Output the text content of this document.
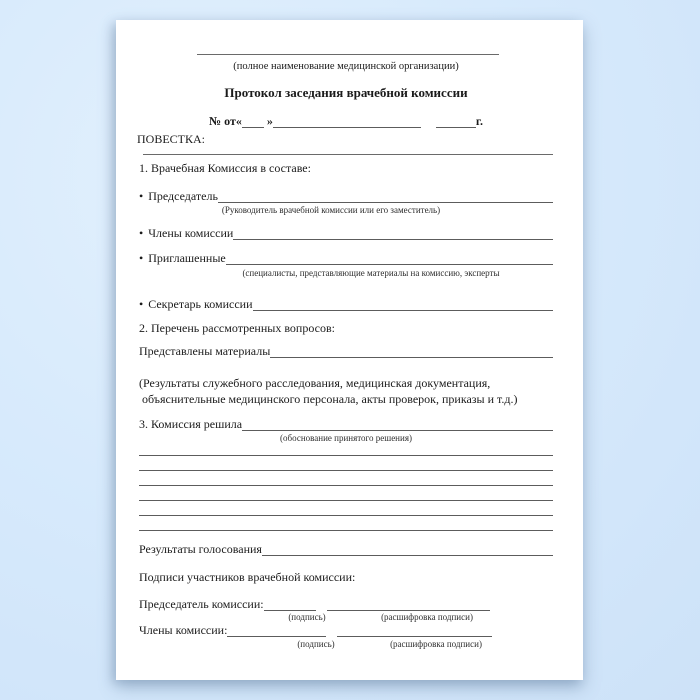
(полное наименование медицинской организации)
Протокол заседания врачебной комиссии
№ от« »	г.
ПОВЕСТКА:
1. Врачебная Комиссия в составе:
• Председатель
(Руководитель врачебной комиссии или его заместитель)
• Члены комиссии
• Приглашенные
(специалисты, представляющие материалы на комиссию, эксперты
• Секретарь комиссии
2. Перечень рассмотренных вопросов:
Представлены материалы
(Результаты служебного расследования, медицинская документация,
объяснительные медицинского персонала, акты проверок, приказы и т.д.)
3. Комиссия решила
(обоснование принятого решения)
Результаты голосования
Подписи участников врачебной комиссии:
Председатель комиссии:
(подпись)	(расшифровка подписи)
Члены комиссии:
(подпись)	(расшифровка подписи)
